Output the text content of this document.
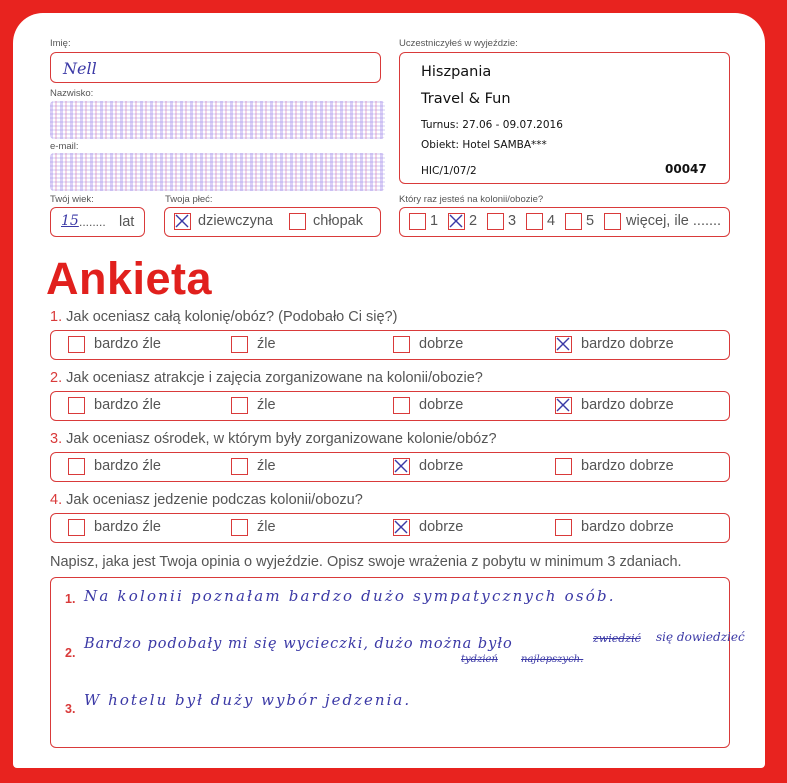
Imię:
Nell
Nazwisko:
e-mail:
Twój wiek:
15 ........ lat
Twoja płeć:
dziewczyna	chłopak
Uczestniczyłeś w wyjeździe:
Hiszpania
Travel & Fun
Turnus: 27.06 - 09.07.2016
Obiekt: Hotel SAMBA***
HIC/1/07/2	00047
Który raz jesteś na kolonii/obozie?
1 2 3 4 5 więcej, ile .......
Ankieta
Napisz, jaka jest Twoja opinia o wyjeździe. Opisz swoje wrażenia z pobytu w minimum 3 zdaniach.
1. Na kolonii poznałam bardzo dużo sympatycznych osób.
2.
Bardzo podobały mi się wycieczki, dużo można było	zwiedzić się dowiedzieć
tydzień najlepszych.
3. W hotelu był duży wybór jedzenia.
1. Jak oceniasz całą kolonię/obóz? (Podobało Ci się?)
bardzo źle	źle	dobrze	bardzo dobrze
2. Jak oceniasz atrakcje i zajęcia zorganizowane na kolonii/obozie?
bardzo źle	źle	dobrze	bardzo dobrze
3. Jak oceniasz ośrodek, w którym były zorganizowane kolonie/obóz?
bardzo źle	źle	dobrze	bardzo dobrze
4. Jak oceniasz jedzenie podczas kolonii/obozu?
bardzo źle	źle	dobrze	bardzo dobrze
